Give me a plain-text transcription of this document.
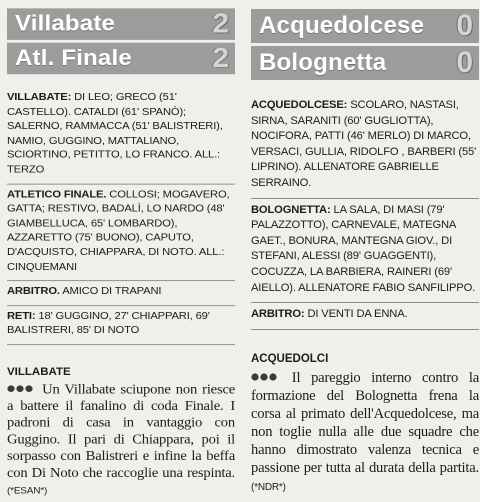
Villabate	2
Atl. Finale	2
VILLABATE: DI LEO; GRECO (51' CASTELLO). CATALDI (61' SPANÒ); SALERNO, RAMMACCA (51' BALISTRERI), NAMIO, GUGGINO, MATTALIANO, SCIORTINO, PETITTO, LO FRANCO. ALL.: TERZO
ATLETICO FINALE. COLLOSI; MOGAVERO, GATTA; RESTIVO, BADALÌ, LO NARDO (48' GIAMBELLUCA, 65' LOMBARDO), AZZARETTO (75' BUONO), CAPUTO, D'ACQUISTO, CHIAPPARA, DI NOTO. ALL.: CINQUEMANI
ARBITRO. AMICO DI TRAPANI
RETI: 18' GUGGINO, 27' CHIAPPARI, 69' BALISTRERI, 85' DI NOTO
VILLABATE
Un Villabate sciupone non riesce a battere il fanalino di coda Finale. I padroni di casa in vantaggio con Guggino. Il pari di Chiappara, poi il sorpasso con Balistreri e infine la beffa con Di Noto che raccoglie una respinta. (*ESAN*)
Acquedolcese 0
Bolognetta 0
ACQUEDOLCESE: SCOLARO, NASTASI, SIRNA, SARANITI (60' GUGLIOTTA), NOCIFORA, PATTI (46' MERLO) DI MARCO, VERSACI, GULLIA, RIDOLFO , BARBERI (55' LIPRINO). ALLENATORE GABRIELLE SERRAINO.
BOLOGNETTA: LA SALA, DI MASI (79' PALAZZOTTO), CARNEVALE, MATEGNA GAET., BONURA, MANTEGNA GIOV., DI STEFANI, ALESSI (89' GUAGGENTI), COCUZZA, LA BARBIERA, RAINERI (69' AIELLO). ALLENATORE FABIO SANFILIPPO.
ARBITRO: DI VENTI DA ENNA.
ACQUEDOLCI
Il pareggio interno contro la formazione del Bolognetta frena la corsa al primato dell'Acquedolcese, ma non toglie nulla alle due squadre che hanno dimostrato valenza tecnica e passione per tutta al durata della partita. (*NDR*)
